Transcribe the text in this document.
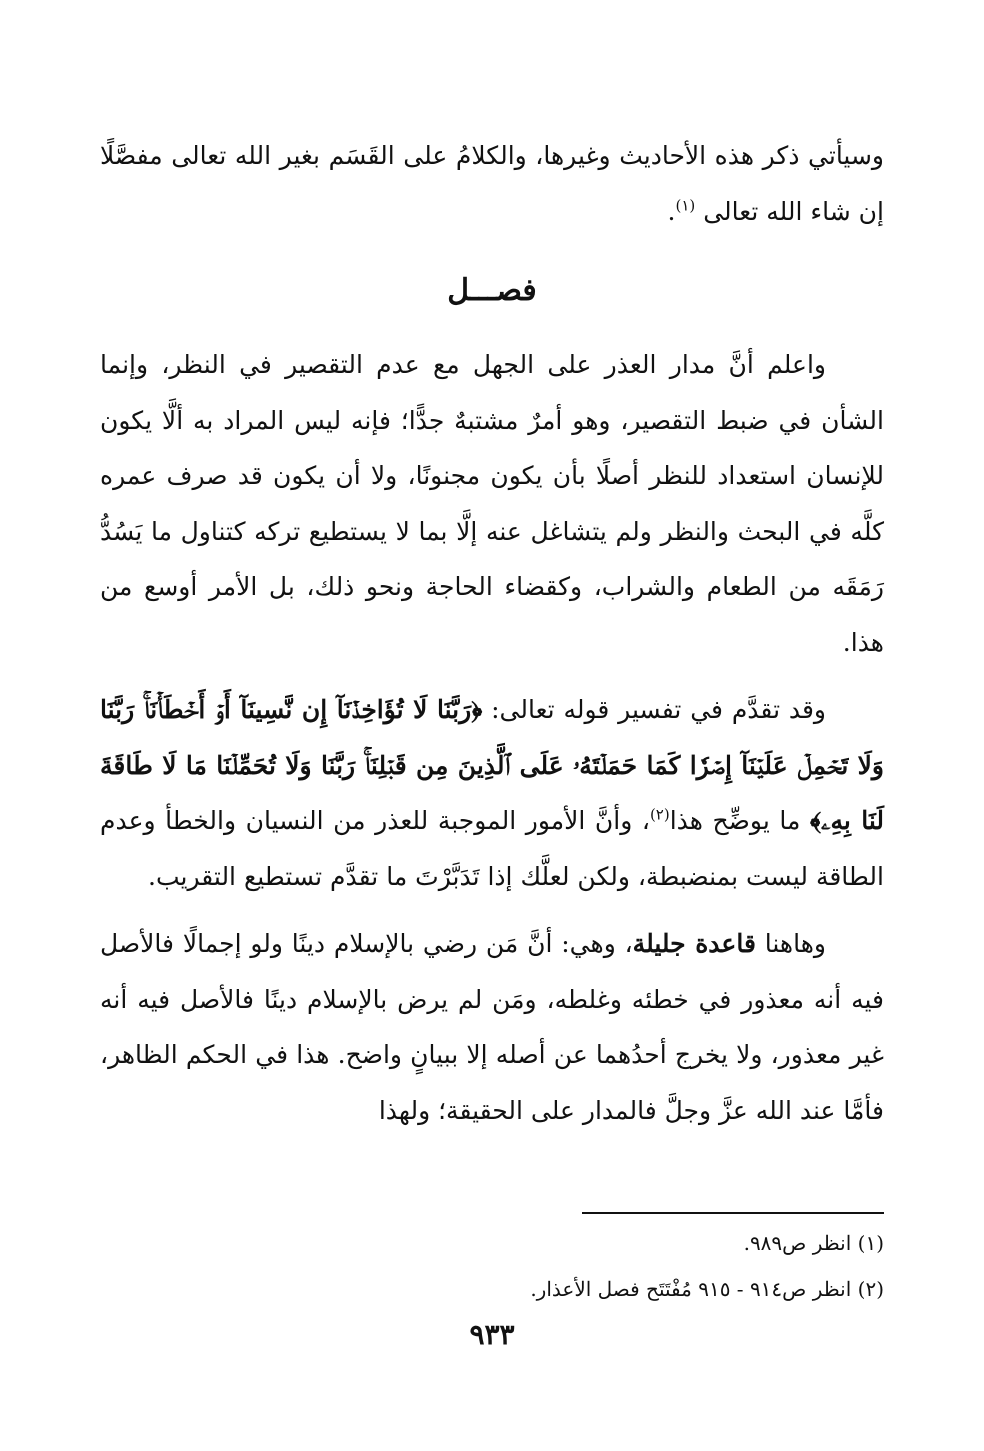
وسيأتي ذكر هذه الأحاديث وغيرها، والكلامُ على القَسَم بغير الله تعالى مفصَّلًا إن شاء الله تعالى $^{(١)}$.

فصـــل

واعلم أنَّ مدار العذر على الجهل مع عدم التقصير في النظر، وإنما الشأن في ضبط التقصير، وهو أمرٌ مشتبهٌ جدًّا؛ فإنه ليس المراد به ألَّا يكون للإنسان استعداد للنظر أصلًا بأن يكون مجنونًا، ولا أن يكون قد صرف عمره كلَّه في البحث والنظر ولم يتشاغل عنه إلَّا بما لا يستطيع تركه كتناول ما يَسُدُّ رَمَقَه من الطعام والشراب، وكقضاء الحاجة ونحو ذلك، بل الأمر أوسع من هذا.

وقد تقدَّم في تفسير قوله تعالى: ﴿رَبَّنَا لَا تُؤَاخِذۡنَآ إِن نَّسِينَآ أَوۡ أَخۡطَأۡنَاۚ رَبَّنَا وَلَا تَحۡمِلۡ عَلَيۡنَآ إِصۡرٗا كَمَا حَمَلۡتَهُۥ عَلَى ٱلَّذِينَ مِن قَبۡلِنَاۚ رَبَّنَا وَلَا تُحَمِّلۡنَا مَا لَا طَاقَةَ لَنَا بِهِۦ﴾ ما يوضِّح هذا$^{(٢)}$، وأنَّ الأمور الموجبة للعذر من النسيان والخطأ وعدم الطاقة ليست بمنضبطة، ولكن لعلَّك إذا تَدَبَّرْتَ ما تقدَّم تستطيع التقريب.

وهاهنا قاعدة جليلة، وهي: أنَّ مَن رضي بالإسلام دينًا ولو إجمالًا فالأصل فيه أنه معذور في خطئه وغلطه، ومَن لم يرض بالإسلام دينًا فالأصل فيه أنه غير معذور، ولا يخرج أحدُهما عن أصله إلا ببيانٍ واضح. هذا في الحكم الظاهر، فأمَّا عند الله عزَّ وجلَّ فالمدار على الحقيقة؛ ولهذا

(١) انظر ص٩٨٩.

(٢) انظر ص٩١٤ - ٩١٥ مُفْتَتَح فصل الأعذار.

٩٣٣
